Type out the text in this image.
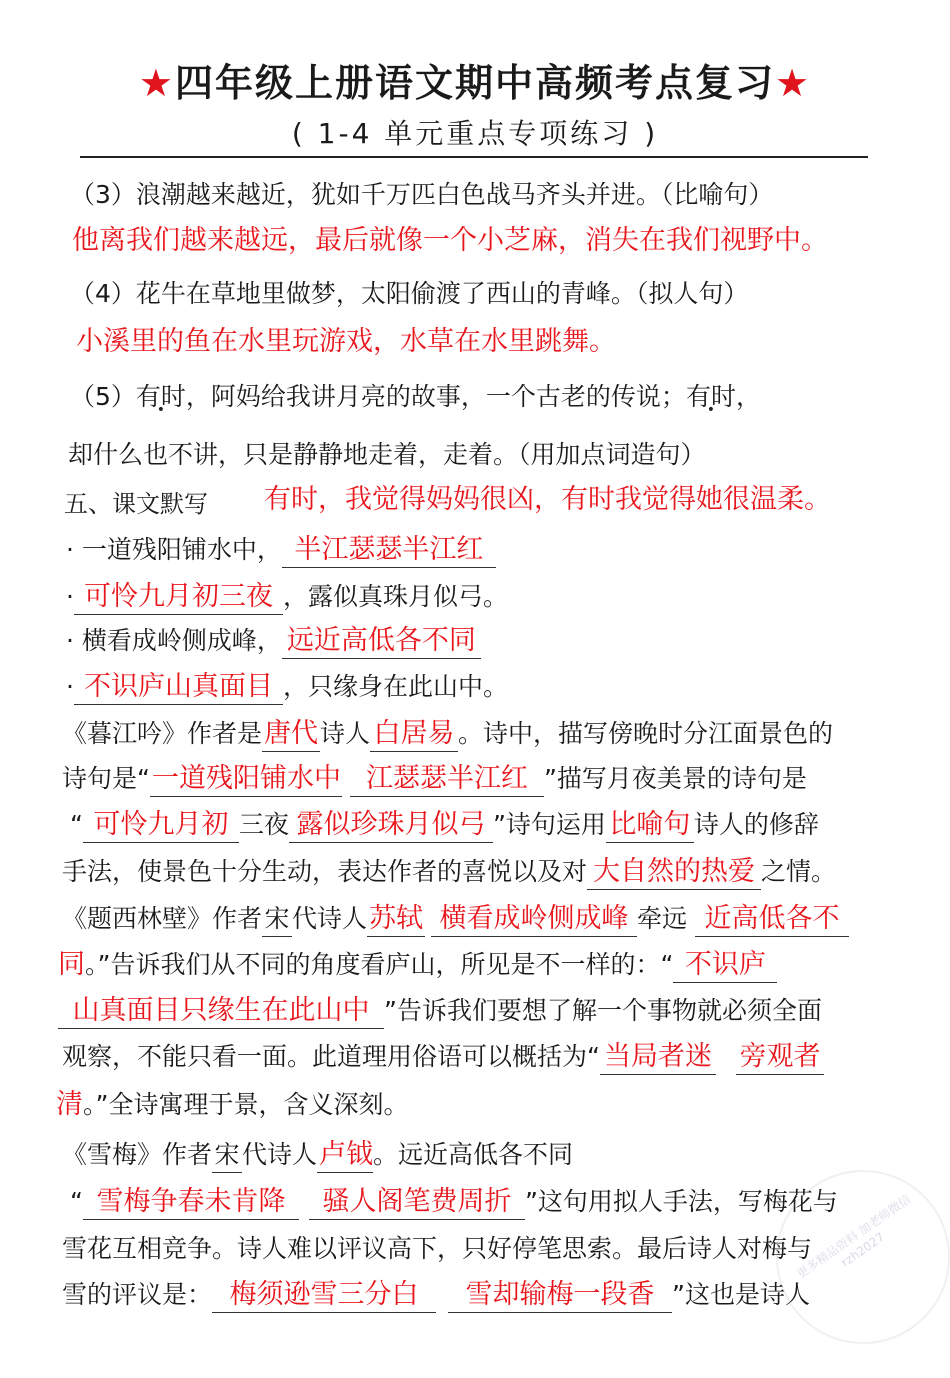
★四年级上册语文期中高频考点复习★
( 1-4 单元重点专项练习 )
（3）浪潮越来越近，犹如千万匹白色战马齐头并进。（比喻句）
他离我们越来越远，最后就像一个小芝麻，消失在我们视野中。
（4）花牛在草地里做梦，太阳偷渡了西山的青峰。（拟人句）
小溪里的鱼在水里玩游戏，水草在水里跳舞。
（5）有时，阿妈给我讲月亮的故事，一个古老的传说；有时，
却什么也不讲，只是静静地走着，走着。（用加点词造句）
五、课文默写 有时，我觉得妈妈很凶，有时我觉得她很温柔。
· 一道残阳铺水中， 半江瑟瑟半江红
· 可怜九月初三夜 ，露似真珠月似弓。
· 横看成岭侧成峰， 远近高低各不同
· 不识庐山真面目 ，只缘身在此山中。
《暮江吟》作者是唐代诗人 白居易 。诗中，描写傍晚时分江面景色的
诗句是“一道残阳铺水中 江瑟瑟半江红 ”描写月夜美景的诗句是
“ 可怜九月初 三夜 露似珍珠月似弓 ”诗句运用 比喻句 诗人的修辞
手法，使景色十分生动，表达作者的喜悦以及对 大自然的热爱 之情。
《题西林壁》作者宋 代诗人苏轼 横看成岭侧成峰 牵远 近高低各不
同。”告诉我们从不同的角度看庐山，所见是不一样的：“ 不识庐
山真面目只缘生在此山中 ”告诉我们要想了解一个事物就必须全面
观察，不能只看一面。此道理用俗语可以概括为“ 当局者迷 旁观者
清。”全诗寓理于景，含义深刻。
《雪梅》作者宋 代诗人卢钺。远近高低各不同
“ 雪梅争春未肯降 骚人阁笔费周折 ”这句用拟人手法，写梅花与
雪花互相竞争。诗人难以评议高下，只好停笔思索。最后诗人对梅与
雪的评议是： 梅须逊雪三分白 雪却输梅一段香 ”这也是诗人
更多精品资料 加老师微信 rzh2027
